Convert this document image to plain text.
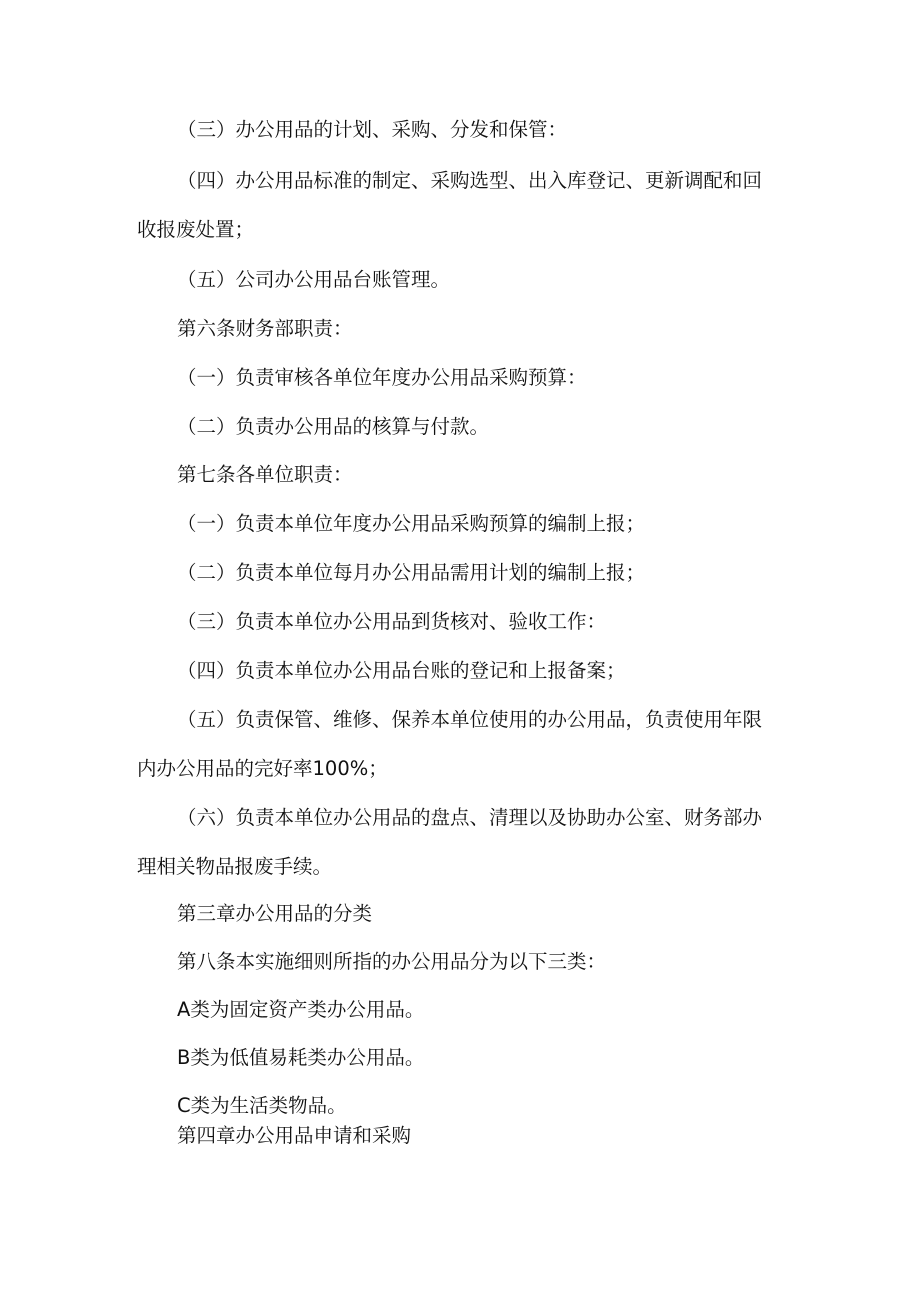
（三）办公用品的计划、采购、分发和保管：
（四）办公用品标准的制定、采购选型、出入库登记、更新调配和回
收报废处置；
（五）公司办公用品台账管理。
第六条财务部职责：
（一）负责审核各单位年度办公用品采购预算：
（二）负责办公用品的核算与付款。
第七条各单位职责：
（一）负责本单位年度办公用品采购预算的编制上报；
（二）负责本单位每月办公用品需用计划的编制上报；
（三）负责本单位办公用品到货核对、验收工作：
（四）负责本单位办公用品台账的登记和上报备案；
（五）负责保管、维修、保养本单位使用的办公用品，负责使用年限
内办公用品的完好率100%；
（六）负责本单位办公用品的盘点、清理以及协助办公室、财务部办
理相关物品报废手续。
第三章办公用品的分类
第八条本实施细则所指的办公用品分为以下三类：
A类为固定资产类办公用品。
B类为低值易耗类办公用品。
C类为生活类物品。
第四章办公用品申请和采购
